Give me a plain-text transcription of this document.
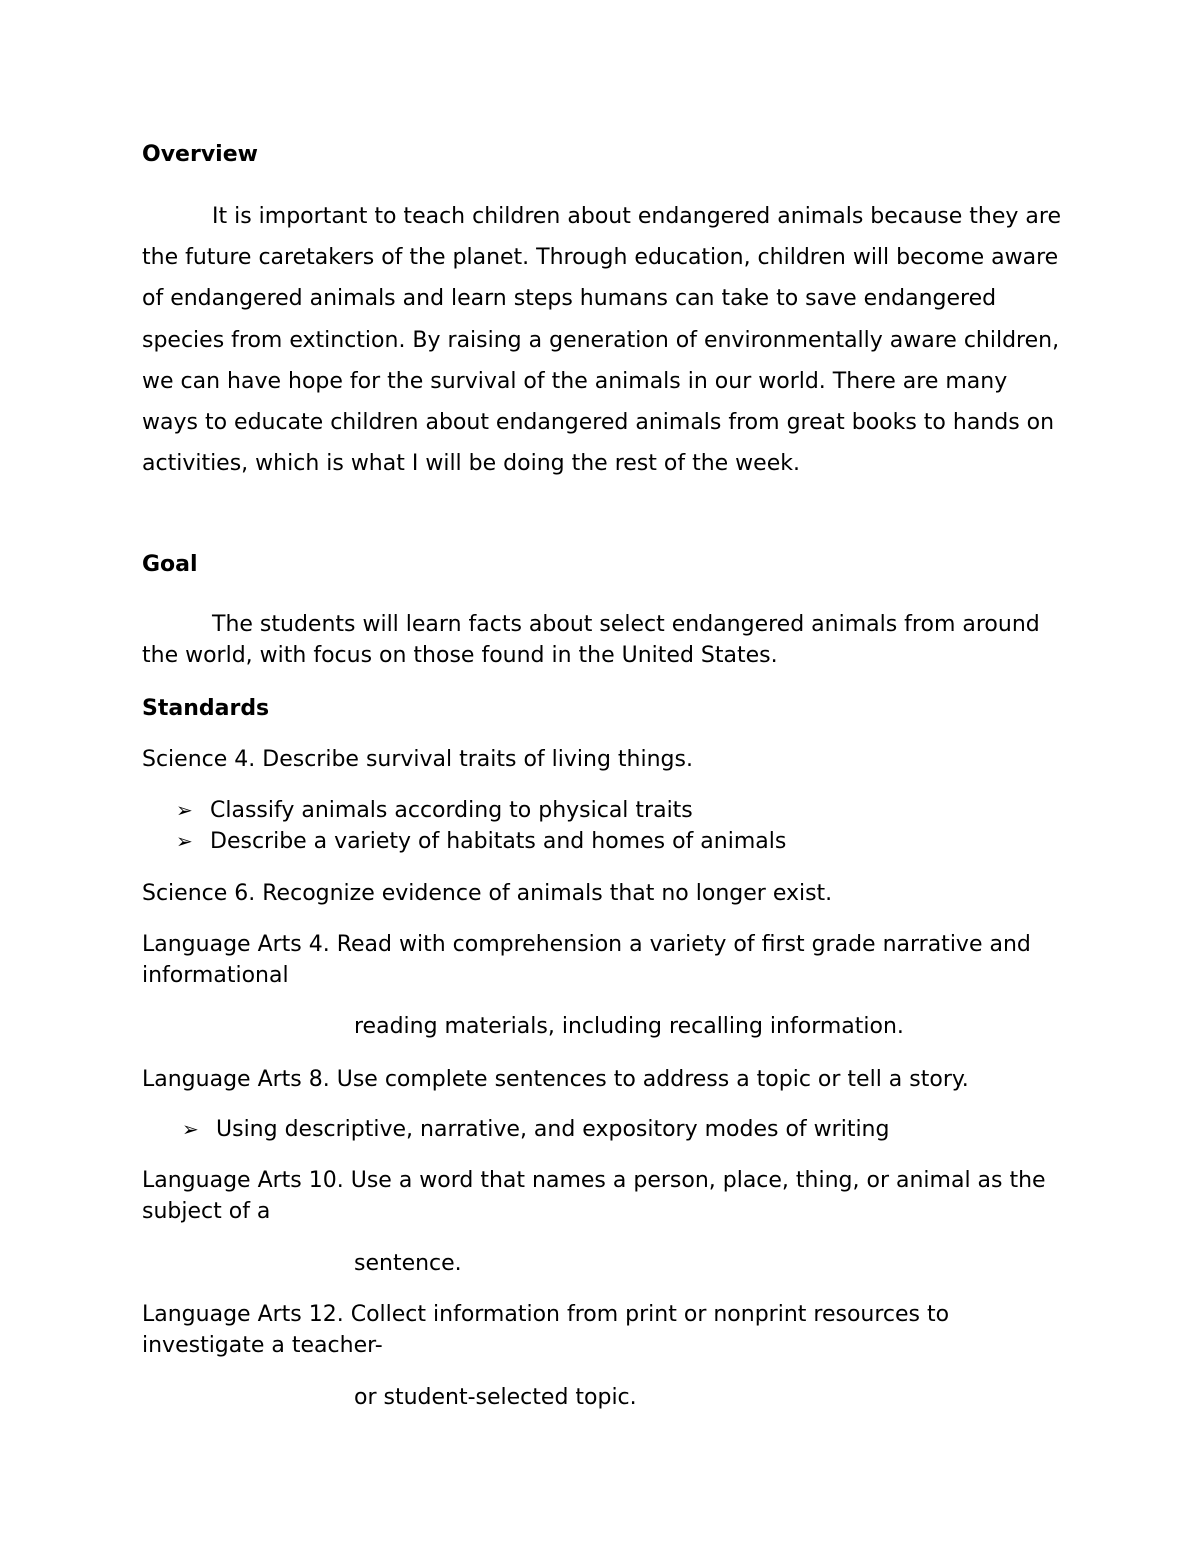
Overview

It is important to teach children about endangered animals because they are the future caretakers of the planet. Through education, children will become aware of endangered animals and learn steps humans can take to save endangered species from extinction. By raising a generation of environmentally aware children, we can have hope for the survival of the animals in our world. There are many ways to educate children about endangered animals from great books to hands on activities, which is what I will be doing the rest of the week.

Goal

The students will learn facts about select endangered animals from around the world, with focus on those found in the United States.

Standards

Science 4. Describe survival traits of living things.

➢ Classify animals according to physical traits
➢ Describe a variety of habitats and homes of animals

Science 6. Recognize evidence of animals that no longer exist.

Language Arts 4. Read with comprehension a variety of first grade narrative and informational

reading materials, including recalling information.

Language Arts 8. Use complete sentences to address a topic or tell a story.

➢ Using descriptive, narrative, and expository modes of writing

Language Arts 10. Use a word that names a person, place, thing, or animal as the subject of a

sentence.

Language Arts 12. Collect information from print or nonprint resources to investigate a teacher-

or student-selected topic.
